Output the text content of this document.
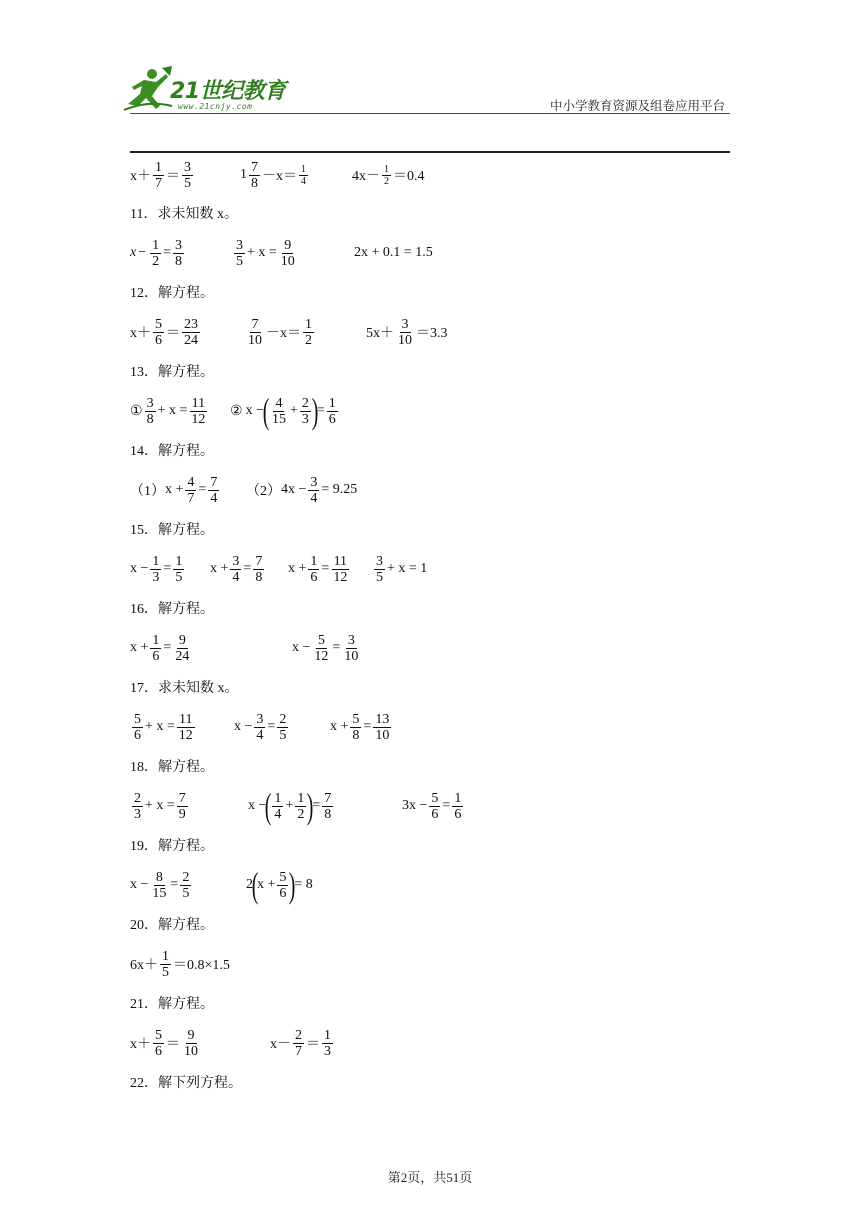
21世纪教育
www.21cnjy.com	中小学教育资源及组卷应用平台
$x+ \frac{1}{7} = \frac{3}{5}$	$1 \frac{7}{8} -x= \frac{1}{4}$	$4x- \frac{1}{2} =0.4$
11．求未知数 x。
$x - \frac{1}{2} = \frac{3}{8}$	$\frac{3}{5} + x = \frac{9}{10}$	2x + 0.1 = 1.5
12．解方程。
$x+ \frac{5}{6} = \frac{23}{24}$	$\frac{7}{10} -x= \frac{1}{2}$	$5x+ \frac{3}{10} =3.3$
13．解方程。
① $\frac{3}{8} + x = \frac{11}{12}$ ② x −
( $\frac{4}{15} + \frac{2}{3}$ )
= $\frac{1}{6}$
14．解方程。
（1） $x + \frac{4}{7} = \frac{7}{4} (2) 4x - \frac{3}{4} = 9.25$
15．解方程。
$x - \frac{1}{3} = \frac{1}{5}$ $x + \frac{3}{4} = \frac{7}{8}$ $x + \frac{1}{6} = \frac{11}{12} \frac{3}{5} + x = 1$
16．解方程。
$x + \frac{1}{6} = \frac{9}{24}$	$x - \frac{5}{12} = \frac{3}{10}$
17．求未知数 x。
$\frac{5}{6} + x = \frac{11}{12}$	$x - \frac{3}{4} = \frac{2}{5}$	$x + \frac{5}{8} = \frac{13}{10}$
18．解方程。
$\frac{2}{3} + x = \frac{7}{9}$	x −
( $\frac{1}{4} + \frac{1}{2}$ )
= $\frac{7}{8}$	$3x - \frac{5}{6} = \frac{1}{6}$
19．解方程。
$x - \frac{8}{15} = \frac{2}{5}$	2
(
$x + \frac{5}{6}$ )
= 8
20．解方程。
$6x+ \frac{1}{5} =0.8\times 1.5$
21．解方程。
$x+ \frac{5}{6} = \frac{9}{10}$	$x- \frac{2}{7} = \frac{1}{3}$
22．解下列方程。
第2页，共51页
